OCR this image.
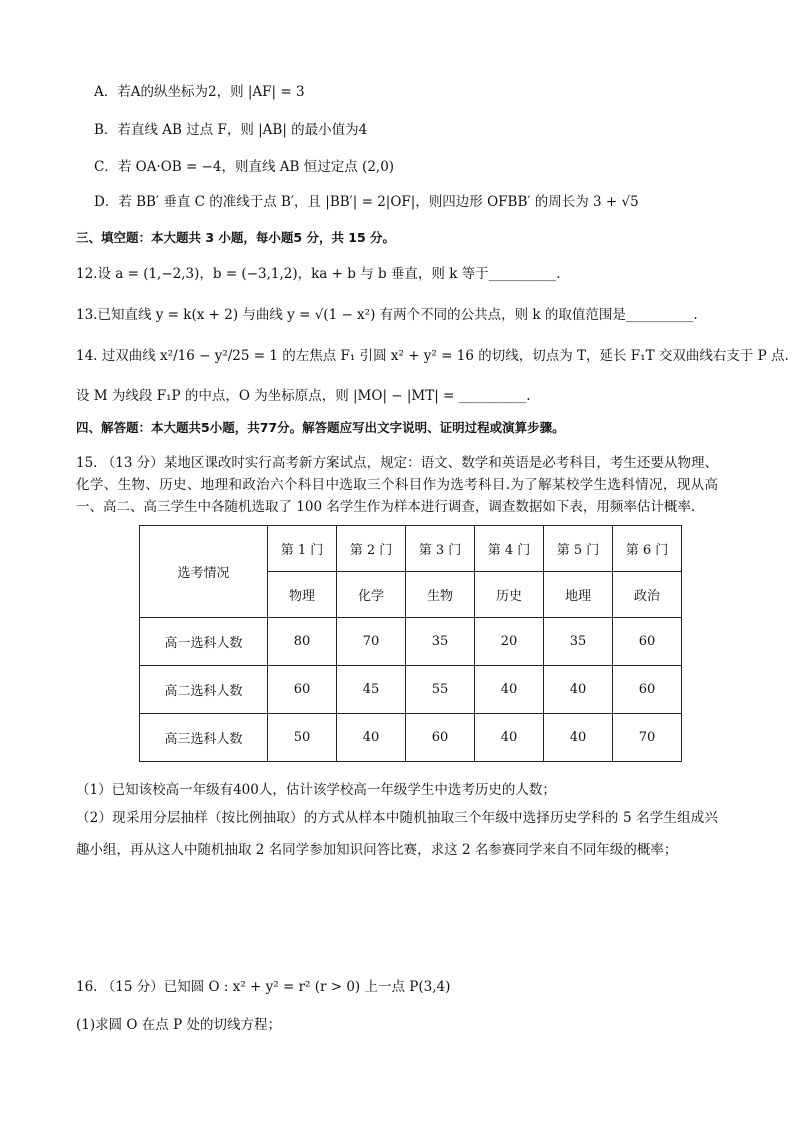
A．若A的纵坐标为2，则 |AF| = 3
B．若直线 AB 过点 F，则 |AB| 的最小值为4
C．若 OA·OB = −4，则直线 AB 恒过定点 (2,0)
D．若 BB′ 垂直 C 的准线于点 B′，且 |BB′| = 2|OF|，则四边形 OFBB′ 的周长为 3 + √5
三、填空题：本大题共 3 小题，每小题5 分，共 15 分。
12.设 a = (1,−2,3)，b = (−3,1,2)，ka + b 与 b 垂直，则 k 等于__________.
13.已知直线 y = k(x + 2) 与曲线 y = √(1 − x²) 有两个不同的公共点，则 k 的取值范围是__________.
14. 过双曲线 x²/16 − y²/25 = 1 的左焦点 F₁ 引圆 x² + y² = 16 的切线，切点为 T，延长 F₁T 交双曲线右支于 P 点.
设 M 为线段 F₁P 的中点，O 为坐标原点，则 |MO| − |MT| = __________.
四、解答题：本大题共5小题，共77分。解答题应写出文字说明、证明过程或演算步骤。
15. （13 分）某地区课改时实行高考新方案试点，规定：语文、数学和英语是必考科目，考生还要从物理、化学、生物、历史、地理和政治六个科目中选取三个科目作为选考科目.为了解某校学生选科情况，现从高一、高二、高三学生中各随机选取了 100 名学生作为样本进行调查，调查数据如下表，用频率估计概率.
选考情况	第 1 门	第 2 门	第 3 门	第 4 门	第 5 门	第 6 门
	物理	化学	生物	历史	地理	政治
高一选科人数	80	70	35	20	35	60
高二选科人数	60	45	55	40	40	60
高三选科人数	50	40	60	40	40	70
（1）已知该校高一年级有400人，估计该学校高一年级学生中选考历史的人数；
（2）现采用分层抽样（按比例抽取）的方式从样本中随机抽取三个年级中选择历史学科的 5 名学生组成兴趣小组，再从这人中随机抽取 2 名同学参加知识问答比赛，求这 2 名参赛同学来自不同年级的概率；
16. （15 分）已知圆 O : x² + y² = r² (r > 0) 上一点 P(3,4)
(1)求圆 O 在点 P 处的切线方程；
